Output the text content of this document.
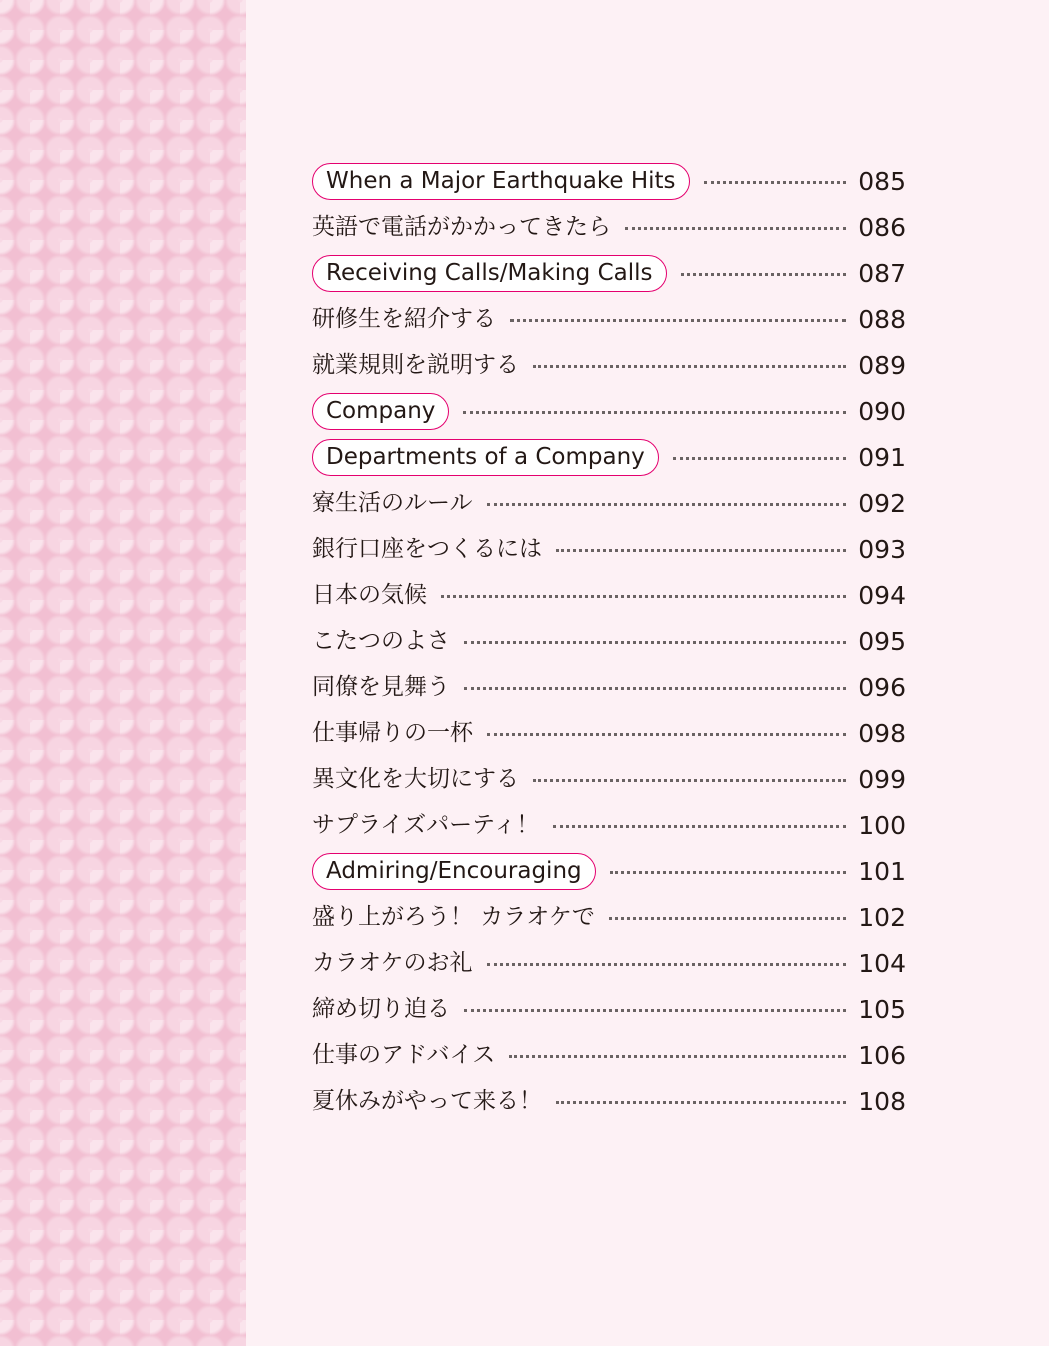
When a Major Earthquake Hits	085
英語で電話がかかってきたら	086
Receiving Calls/Making Calls	087
研修生を紹介する	088
就業規則を説明する	089
Company	090
Departments of a Company	091
寮生活のルール	092
銀行口座をつくるには	093
日本の気候	094
こたつのよさ	095
同僚を見舞う	096
仕事帰りの一杯	098
異文化を大切にする	099
サプライズパーティ！	100
Admiring/Encouraging	101
盛り上がろう！ カラオケで	102
カラオケのお礼	104
締め切り迫る	105
仕事のアドバイス	106
夏休みがやって来る！	108
